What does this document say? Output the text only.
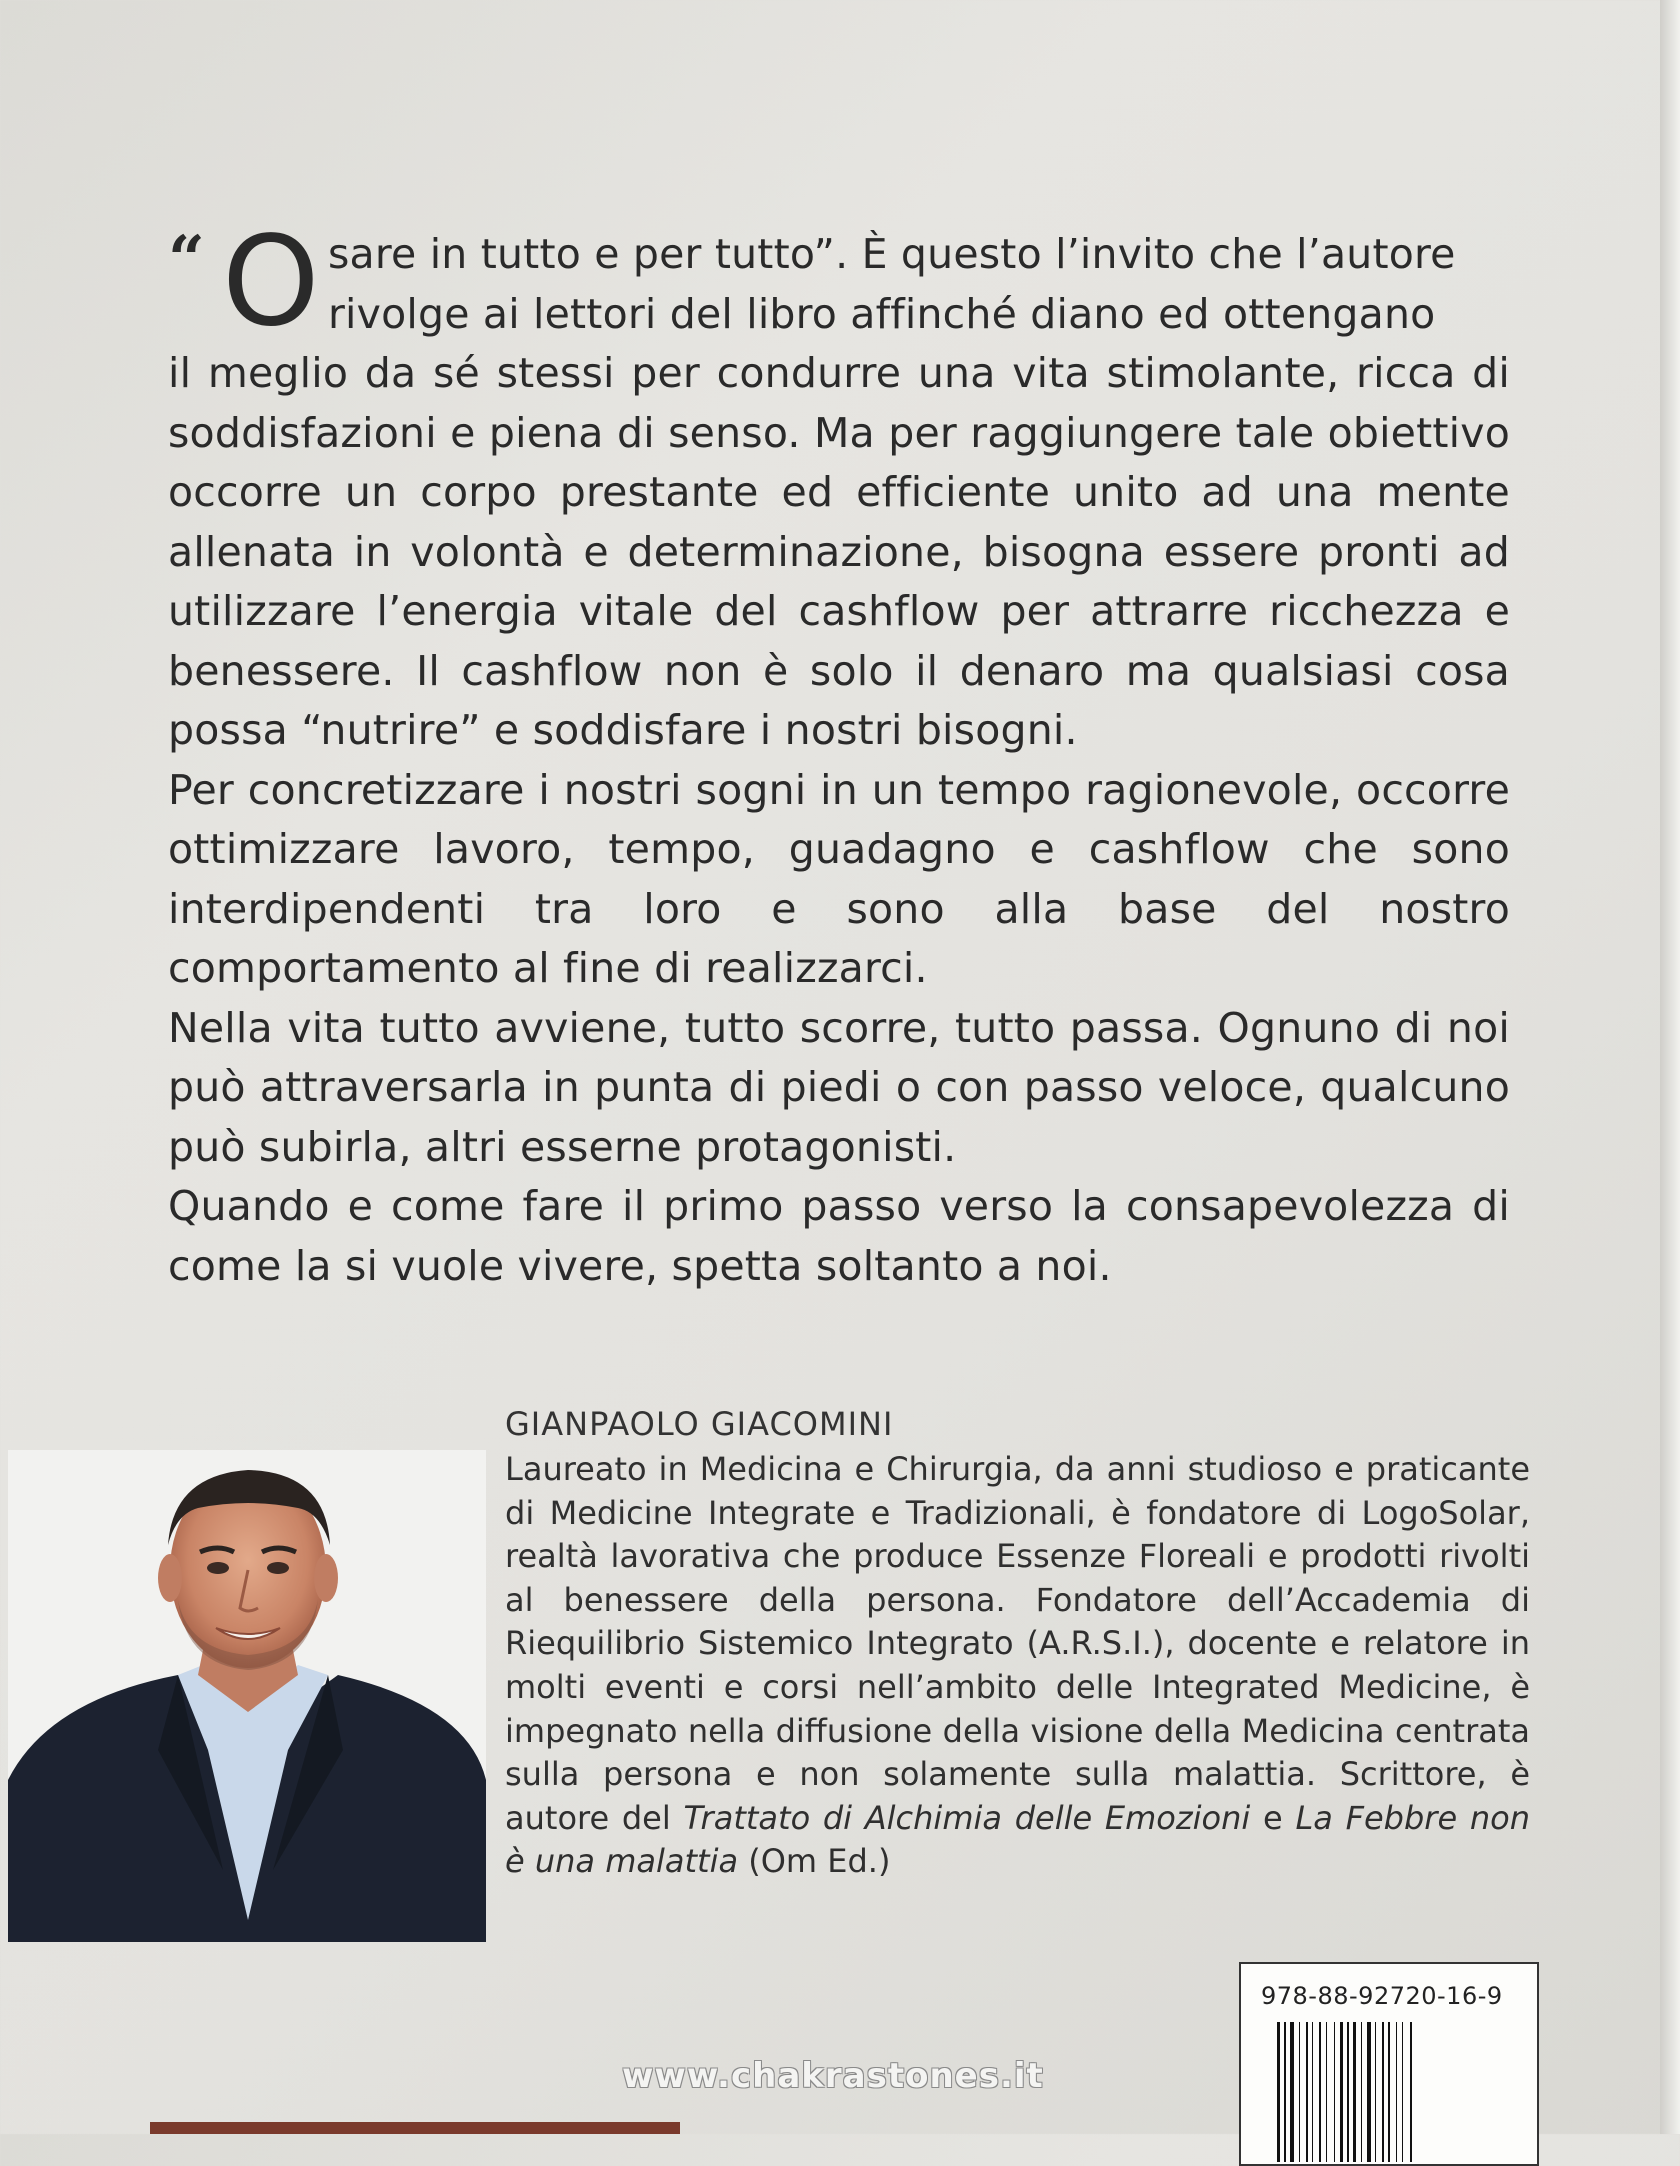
“ O sare in tutto e per tutto”. È questo l’invito che l’autore
rivolge ai lettori del libro affinché diano ed ottengano

il meglio da sé stessi per condurre una vita stimolante, ricca di soddisfazioni e piena di senso. Ma per raggiungere tale obiettivo occorre un corpo prestante ed efficiente unito ad una mente allenata in volontà e determinazione, bisogna essere pronti ad utilizzare l’energia vitale del cashflow per attrarre ricchezza e benessere. Il cashflow non è solo il denaro ma qualsiasi cosa possa “nutrire” e soddisfare i nostri bisogni.

Per concretizzare i nostri sogni in un tempo ragionevole, occorre ottimizzare lavoro, tempo, guadagno e cashflow che sono interdipendenti tra loro e sono alla base del nostro comportamento al fine di realizzarci.

Nella vita tutto avviene, tutto scorre, tutto passa. Ognuno di noi può attraversarla in punta di piedi o con passo veloce, qualcuno può subirla, altri esserne protagonisti.

Quando e come fare il primo passo verso la consapevolezza di come la si vuole vivere, spetta soltanto a noi.

GIANPAOLO GIACOMINI
Laureato in Medicina e Chirurgia, da anni studioso e praticante di Medicine Integrate e Tradizionali, è fondatore di LogoSolar, realtà lavorativa che produce Essenze Floreali e prodotti rivolti al benessere della persona. Fondatore dell’Accademia di Riequilibrio Sistemico Integrato (A.R.S.I.), docente e relatore in molti eventi e corsi nell’ambito delle Integrated Medicine, è impegnato nella diffusione della visione della Medicina centrata sulla persona e non solamente sulla malattia. Scrittore, è autore del Trattato di Alchimia delle Emozioni e La Febbre non è una malattia (Om Ed.)
978-88-92720-16-9
www.chakrastones.it
